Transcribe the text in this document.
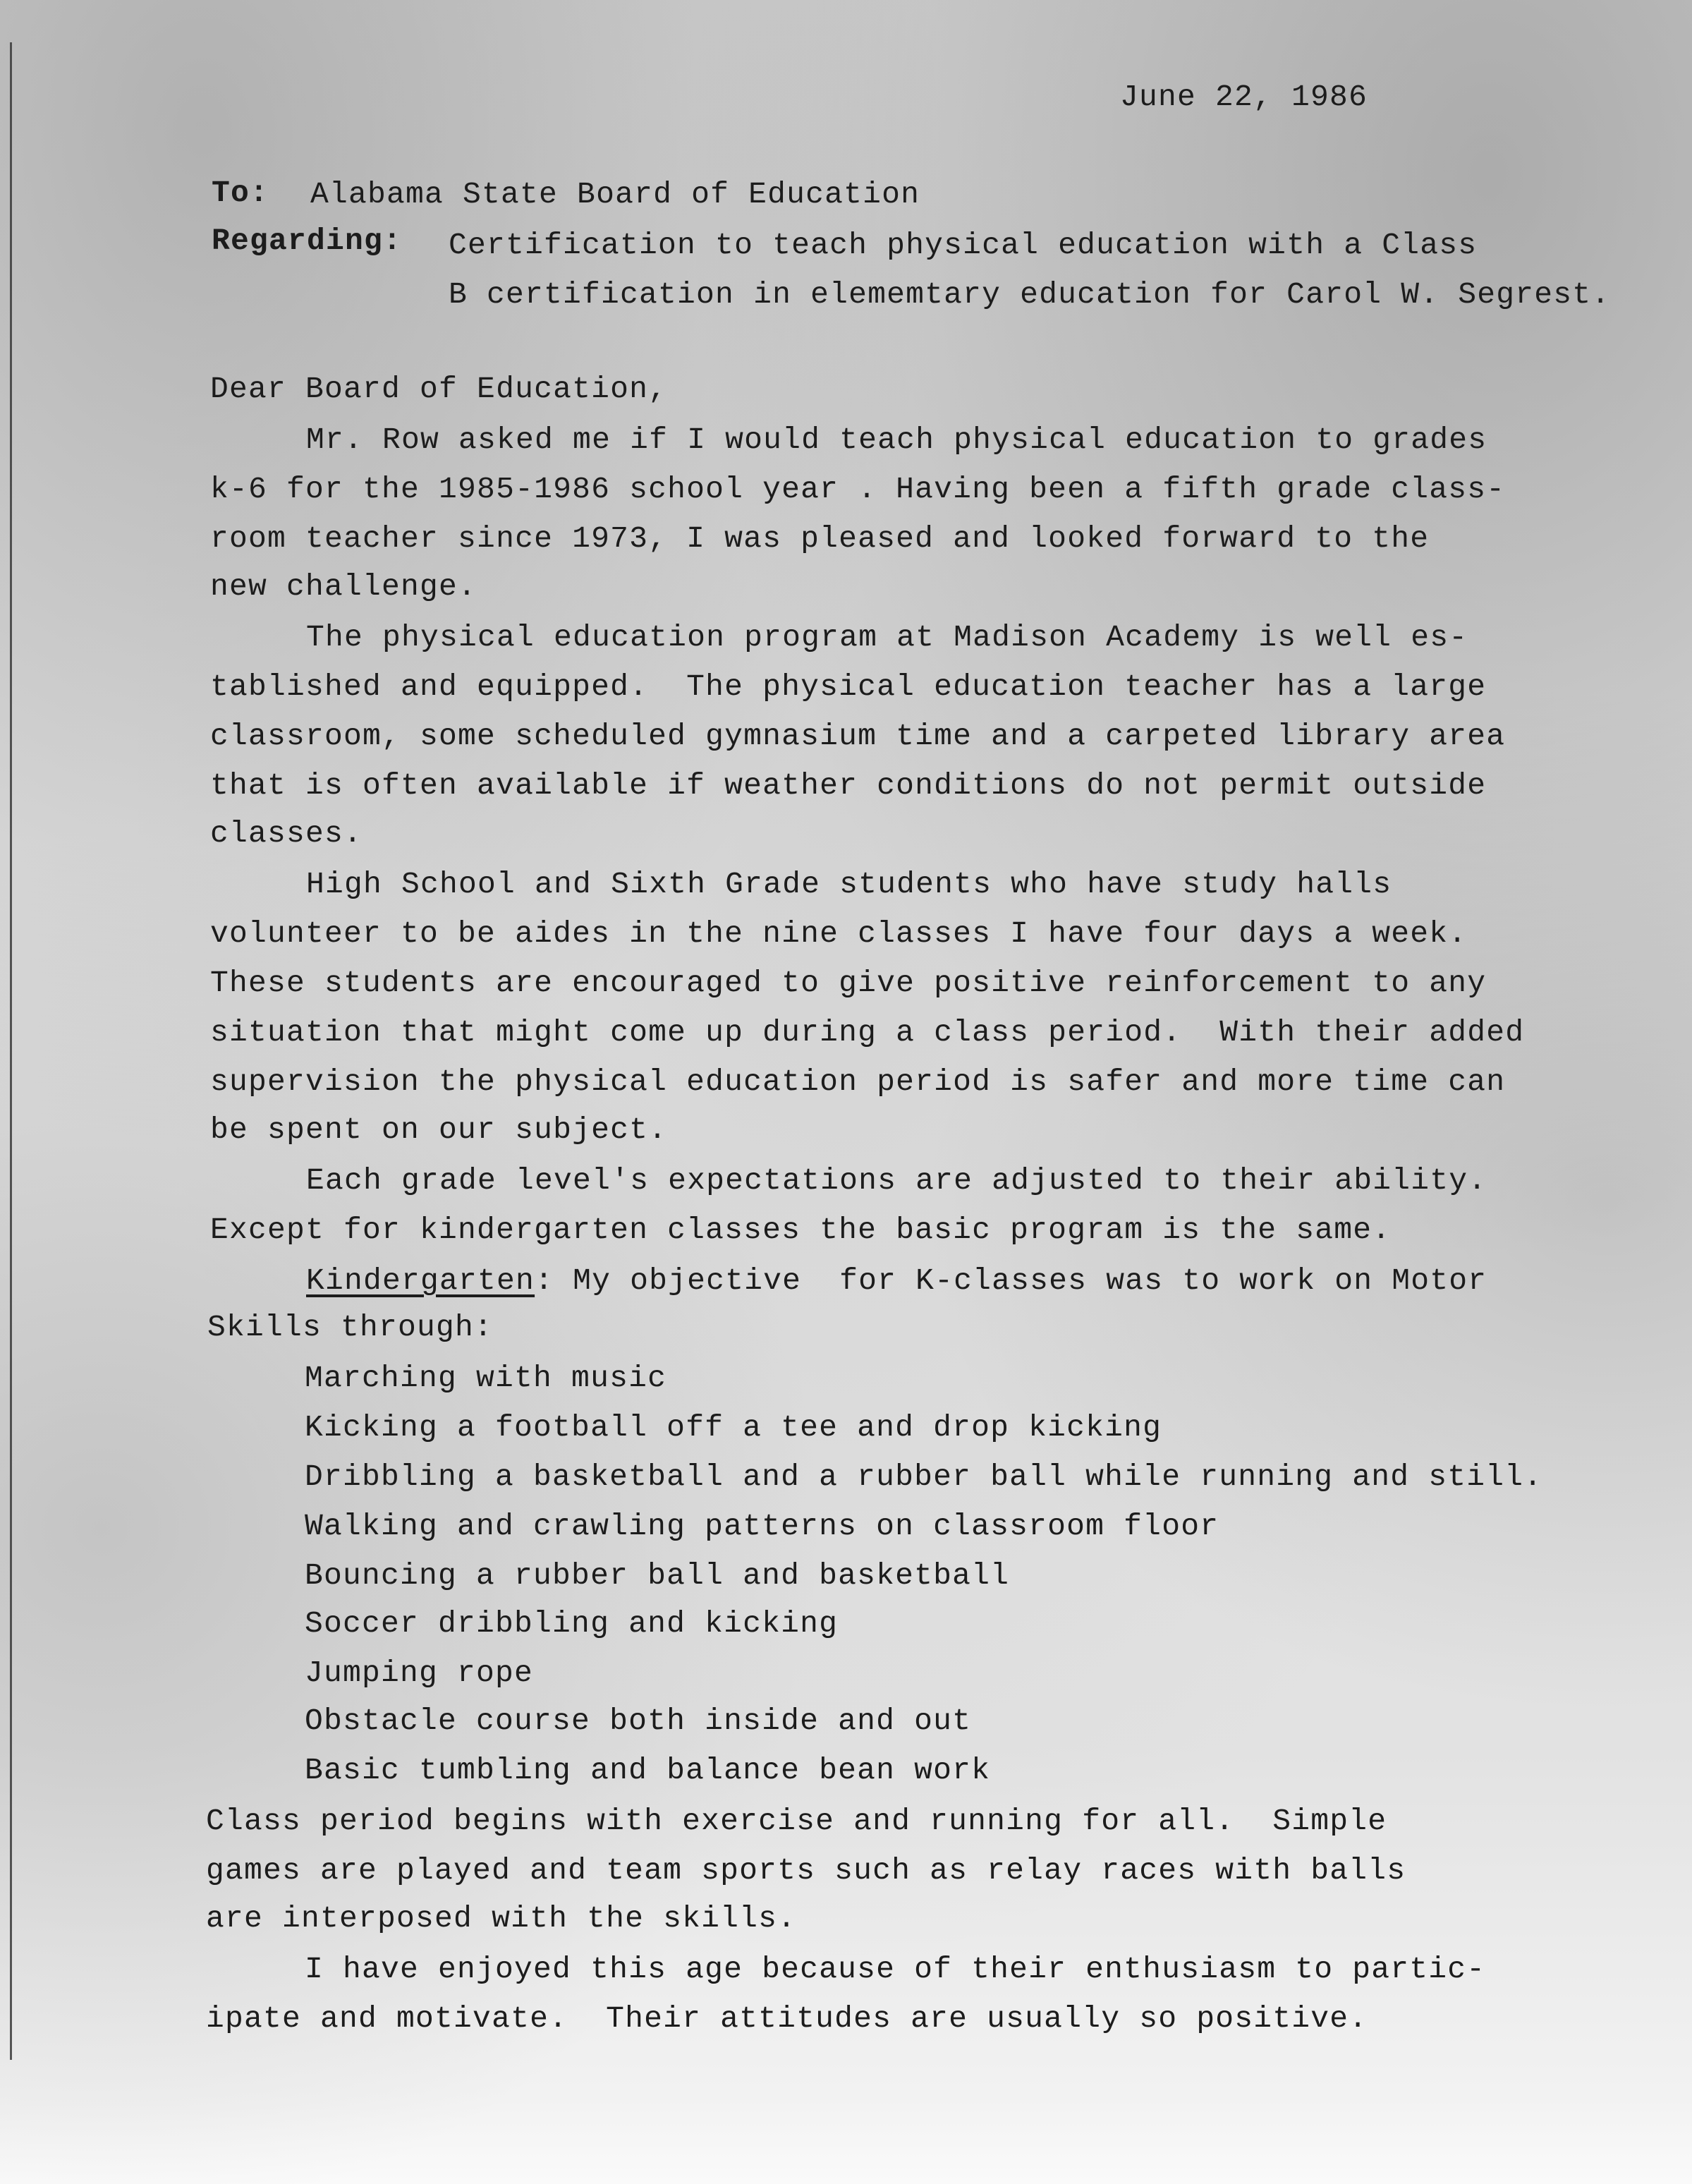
June 22, 1986

To: Alabama State Board of Education

Regarding: Certification to teach physical education with a Class

B certification in elememtary education for Carol W. Segrest.

Dear Board of Education,

Mr. Row asked me if I would teach physical education to grades

k-6 for the 1985-1986 school year . Having been a fifth grade class-

room teacher since 1973, I was pleased and looked forward to the

new challenge.

The physical education program at Madison Academy is well es-

tablished and equipped.  The physical education teacher has a large

classroom, some scheduled gymnasium time and a carpeted library area

that is often available if weather conditions do not permit outside

classes.

High School and Sixth Grade students who have study halls

volunteer to be aides in the nine classes I have four days a week.

These students are encouraged to give positive reinforcement to any

situation that might come up during a class period.  With their added

supervision the physical education period is safer and more time can

be spent on our subject.

Each grade level's expectations are adjusted to their ability.

Except for kindergarten classes the basic program is the same.

Kindergarten: My objective  for K-classes was to work on Motor

Skills through:

Marching with music

Kicking a football off a tee and drop kicking

Dribbling a basketball and a rubber ball while running and still.

Walking and crawling patterns on classroom floor

Bouncing a rubber ball and basketball

Soccer dribbling and kicking

Jumping rope

Obstacle course both inside and out

Basic tumbling and balance bean work

Class period begins with exercise and running for all.  Simple

games are played and team sports such as relay races with balls

are interposed with the skills.

I have enjoyed this age because of their enthusiasm to partic-

ipate and motivate.  Their attitudes are usually so positive.
